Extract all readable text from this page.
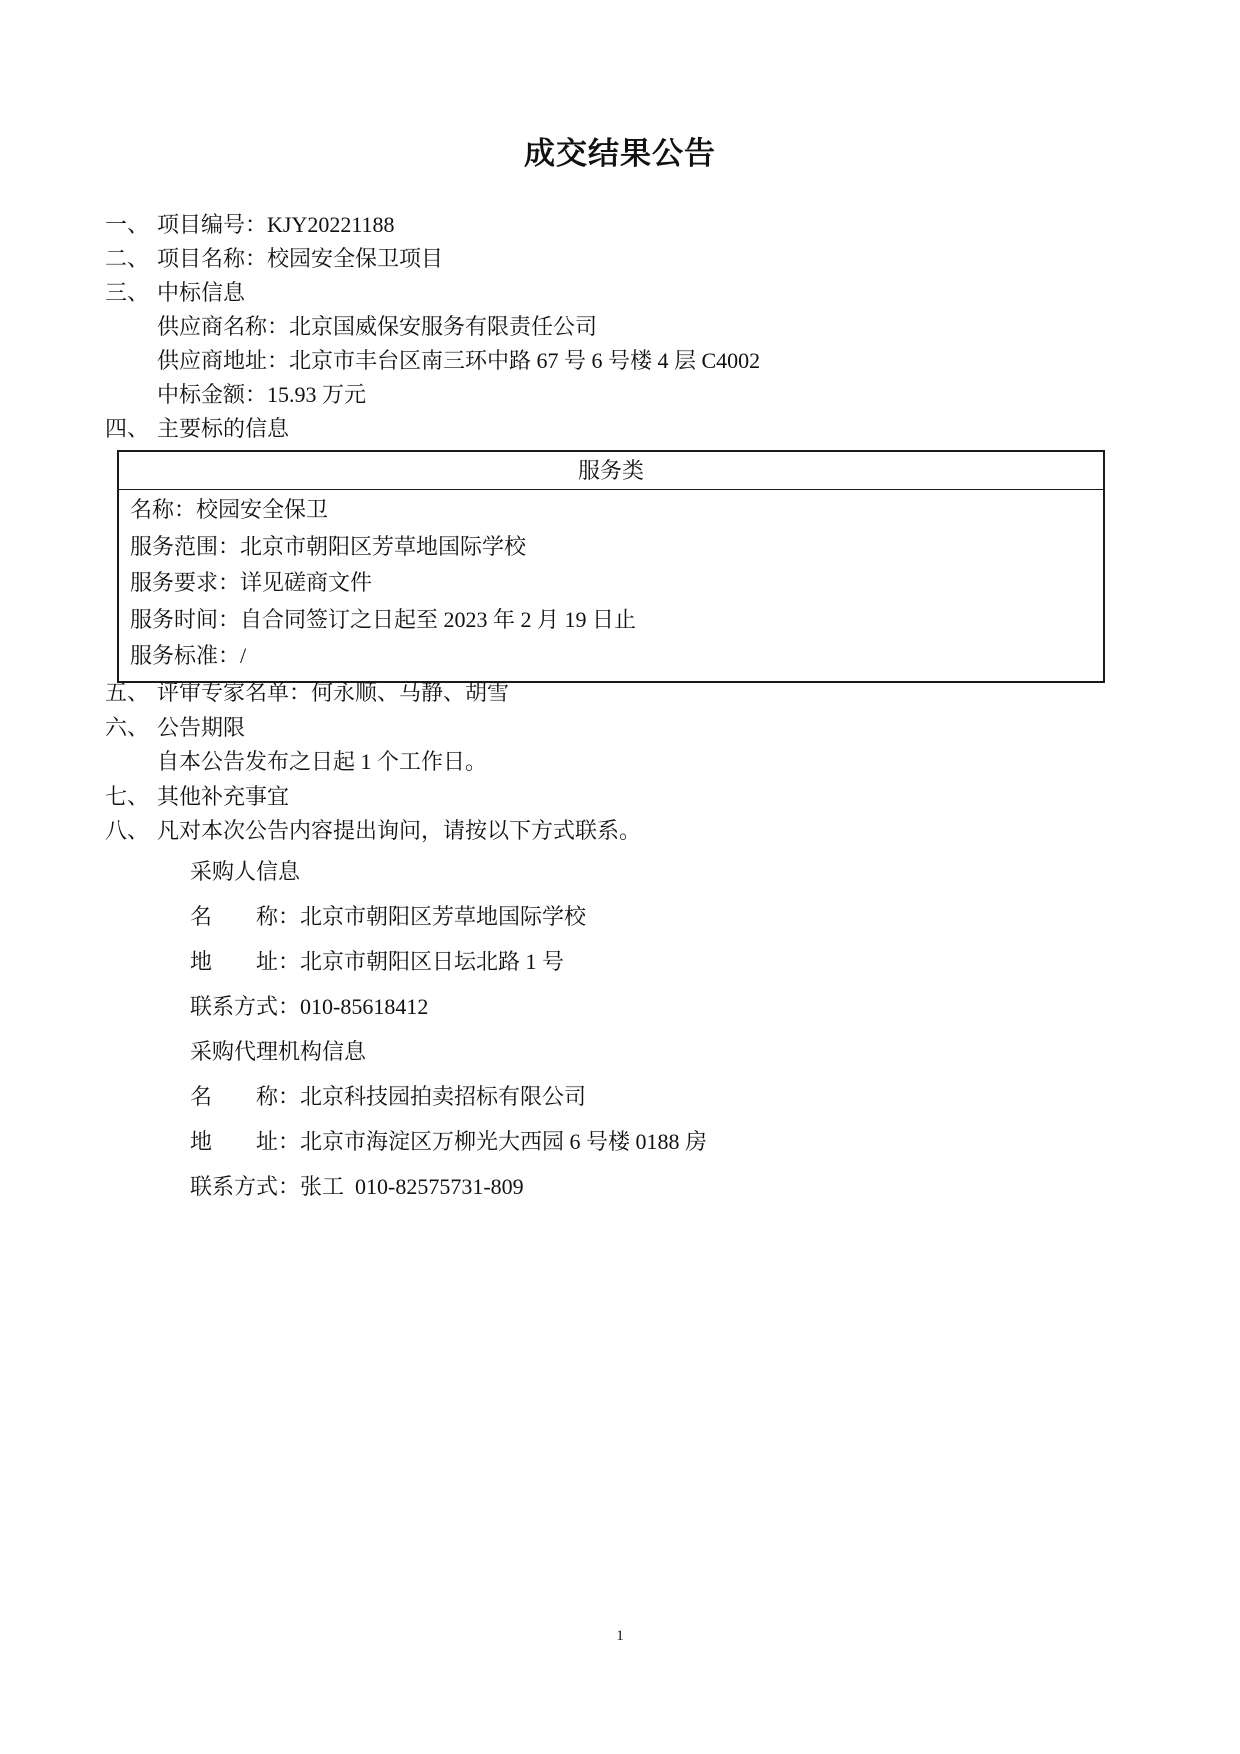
成交结果公告
一、 项目编号：KJY20221188
二、 项目名称：校园安全保卫项目
三、 中标信息
供应商名称：北京国威保安服务有限责任公司
供应商地址：北京市丰台区南三环中路 67 号 6 号楼 4 层 C4002
中标金额：15.93 万元
四、 主要标的信息
服务类
名称：校园安全保卫
服务范围：北京市朝阳区芳草地国际学校
服务要求：详见磋商文件
服务时间：自合同签订之日起至 2023 年 2 月 19 日止
服务标准：/
五、 评审专家名单：何永顺、马静、胡雪
六、 公告期限
自本公告发布之日起 1 个工作日。
七、 其他补充事宜
八、 凡对本次公告内容提出询问，请按以下方式联系。
采购人信息
名　　称：北京市朝阳区芳草地国际学校
地　　址：北京市朝阳区日坛北路 1 号
联系方式：010-85618412
采购代理机构信息
名　　称：北京科技园拍卖招标有限公司
地　　址：北京市海淀区万柳光大西园 6 号楼 0188 房
联系方式：张工  010-82575731-809
1
